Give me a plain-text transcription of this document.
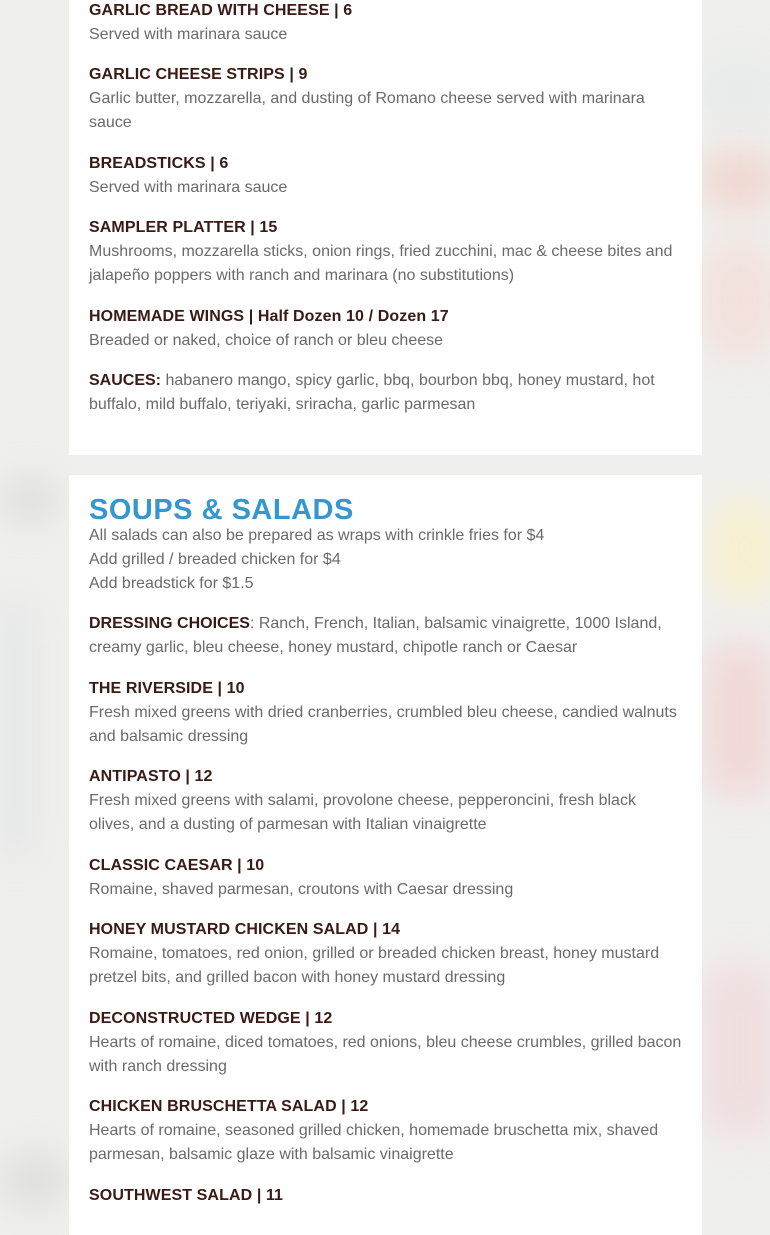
GARLIC BREAD WITH CHEESE | 6
Served with marinara sauce
GARLIC CHEESE STRIPS | 9
Garlic butter, mozzarella, and dusting of Romano cheese served with marinara sauce
BREADSTICKS | 6
Served with marinara sauce
SAMPLER PLATTER | 15
Mushrooms, mozzarella sticks, onion rings, fried zucchini, mac & cheese bites and jalapeño poppers with ranch and marinara (no substitutions)
HOMEMADE WINGS | Half Dozen 10 / Dozen 17
Breaded or naked, choice of ranch or bleu cheese
SAUCES: habanero mango, spicy garlic, bbq, bourbon bbq, honey mustard, hot buffalo, mild buffalo, teriyaki, sriracha, garlic parmesan
SOUPS & SALADS
All salads can also be prepared as wraps with crinkle fries for $4
Add grilled / breaded chicken for $4
Add breadstick for $1.5
DRESSING CHOICES: Ranch, French, Italian, balsamic vinaigrette, 1000 Island, creamy garlic, bleu cheese, honey mustard, chipotle ranch or Caesar
THE RIVERSIDE | 10
Fresh mixed greens with dried cranberries, crumbled bleu cheese, candied walnuts and balsamic dressing
ANTIPASTO | 12
Fresh mixed greens with salami, provolone cheese, pepperoncini, fresh black olives, and a dusting of parmesan with Italian vinaigrette
CLASSIC CAESAR | 10
Romaine, shaved parmesan, croutons with Caesar dressing
HONEY MUSTARD CHICKEN SALAD | 14
Romaine, tomatoes, red onion, grilled or breaded chicken breast, honey mustard pretzel bits, and grilled bacon with honey mustard dressing
DECONSTRUCTED WEDGE | 12
Hearts of romaine, diced tomatoes, red onions, bleu cheese crumbles, grilled bacon with ranch dressing
CHICKEN BRUSCHETTA SALAD | 12
Hearts of romaine, seasoned grilled chicken, homemade bruschetta mix, shaved parmesan, balsamic glaze with balsamic vinaigrette
SOUTHWEST SALAD | 11
